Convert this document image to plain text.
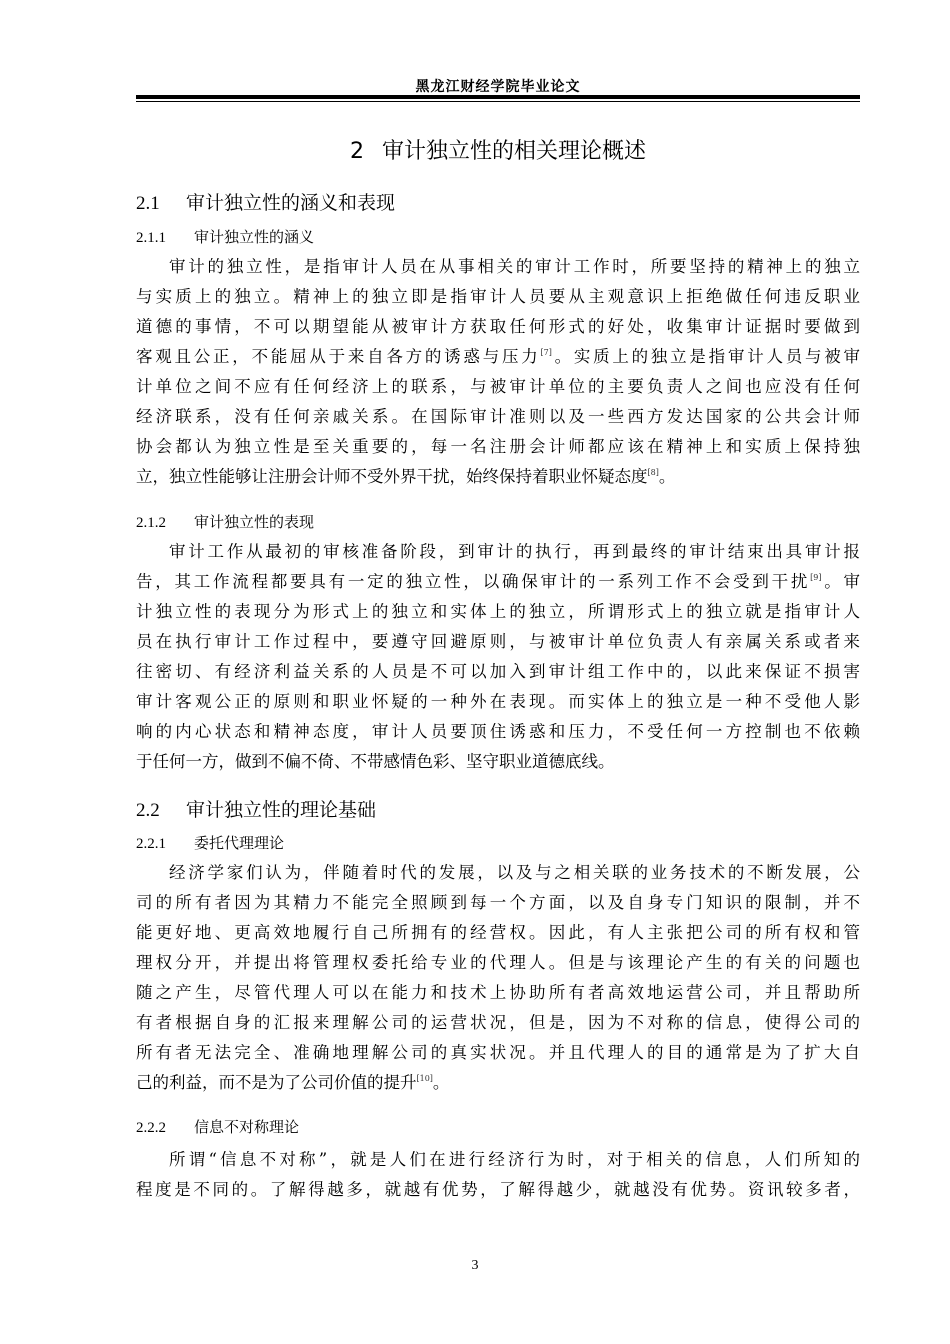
黑龙江财经学院毕业论文
2 审计独立性的相关理论概述
2.1 审计独立性的涵义和表现
2.1.1 审计独立性的涵义
审计的独立性，是指审计人员在从事相关的审计工作时，所要坚持的精神上的独立
与实质上的独立。精神上的独立即是指审计人员要从主观意识上拒绝做任何违反职业
道德的事情，不可以期望能从被审计方获取任何形式的好处，收集审计证据时要做到
客观且公正，不能屈从于来自各方的诱惑与压力[7]。实质上的独立是指审计人员与被审
计单位之间不应有任何经济上的联系，与被审计单位的主要负责人之间也应没有任何
经济联系，没有任何亲戚关系。在国际审计准则以及一些西方发达国家的公共会计师
协会都认为独立性是至关重要的，每一名注册会计师都应该在精神上和实质上保持独
立，独立性能够让注册会计师不受外界干扰，始终保持着职业怀疑态度[8]。
2.1.2 审计独立性的表现
审计工作从最初的审核准备阶段，到审计的执行，再到最终的审计结束出具审计报
告，其工作流程都要具有一定的独立性，以确保审计的一系列工作不会受到干扰[9]。审
计独立性的表现分为形式上的独立和实体上的独立，所谓形式上的独立就是指审计人
员在执行审计工作过程中，要遵守回避原则，与被审计单位负责人有亲属关系或者来
往密切、有经济利益关系的人员是不可以加入到审计组工作中的，以此来保证不损害
审计客观公正的原则和职业怀疑的一种外在表现。而实体上的独立是一种不受他人影
响的内心状态和精神态度，审计人员要顶住诱惑和压力，不受任何一方控制也不依赖
于任何一方，做到不偏不倚、不带感情色彩、坚守职业道德底线。
2.2 审计独立性的理论基础
2.2.1 委托代理理论
经济学家们认为，伴随着时代的发展，以及与之相关联的业务技术的不断发展，公
司的所有者因为其精力不能完全照顾到每一个方面，以及自身专门知识的限制，并不
能更好地、更高效地履行自己所拥有的经营权。因此，有人主张把公司的所有权和管
理权分开，并提出将管理权委托给专业的代理人。但是与该理论产生的有关的问题也
随之产生，尽管代理人可以在能力和技术上协助所有者高效地运营公司，并且帮助所
有者根据自身的汇报来理解公司的运营状况，但是，因为不对称的信息，使得公司的
所有者无法完全、准确地理解公司的真实状况。并且代理人的目的通常是为了扩大自
己的利益，而不是为了公司价值的提升[10]。
2.2.2 信息不对称理论
所谓“信息不对称”，就是人们在进行经济行为时，对于相关的信息，人们所知的
程度是不同的。了解得越多，就越有优势，了解得越少，就越没有优势。资讯较多者，
3
